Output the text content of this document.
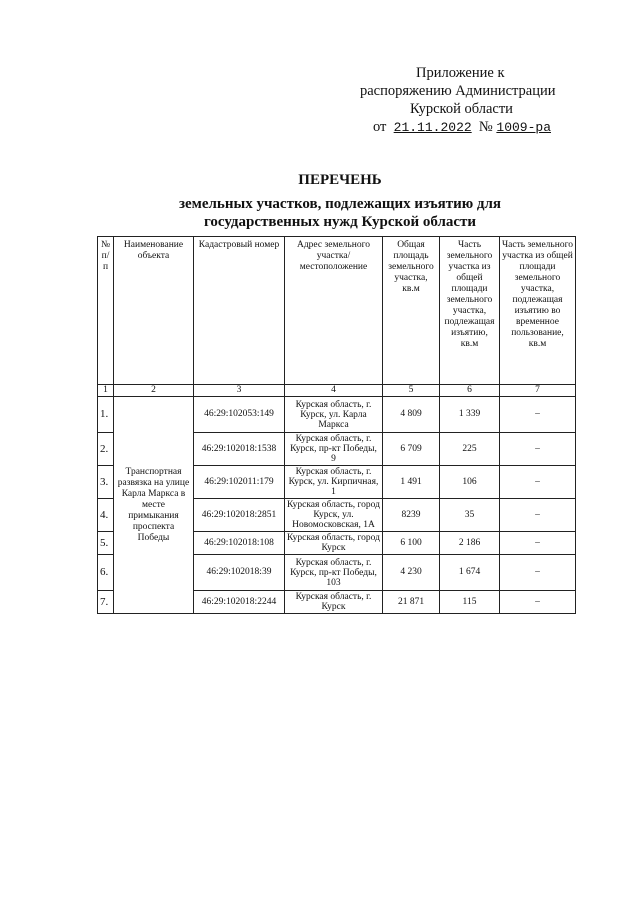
Приложение к
распоряжению Администрации
Курской области
от 21.11.2022 № 1009-ра
ПЕРЕЧЕНЬ
земельных участков, подлежащих изъятию для
государственных нужд Курской области
№ п/п	Наименование объекта	Кадастровый номер	Адрес земельного участка/ местоположение	Общая площадь земельного участка, кв.м	Часть земельного участка из общей площади земельного участка, подлежащая изъятию, кв.м	Часть земельного участка из общей площади земельного участка, подлежащая изъятию во временное пользование, кв.м
1	2	3	4	5	6	7
1.	Транспортная развязка на улице Карла Маркса в месте примыкания проспекта Победы	46:29:102053:149	Курская область, г. Курск, ул. Карла Маркса	4 809	1 339	–
2.		46:29:102018:1538	Курская область, г. Курск, пр-кт Победы, 9	6 709	225	–
3.		46:29:102011:179	Курская область, г. Курск, ул. Кирпичная, 1	1 491	106	–
4.		46:29:102018:2851	Курская область, город Курск, ул. Новомосковская, 1А	8239	35	–
5.		46:29:102018:108	Курская область, город Курск	6 100	2 186	–
6.		46:29:102018:39	Курская область, г. Курск, пр-кт Победы, 103	4 230	1 674	–
7.		46:29:102018:2244	Курская область, г. Курск	21 871	115	–
